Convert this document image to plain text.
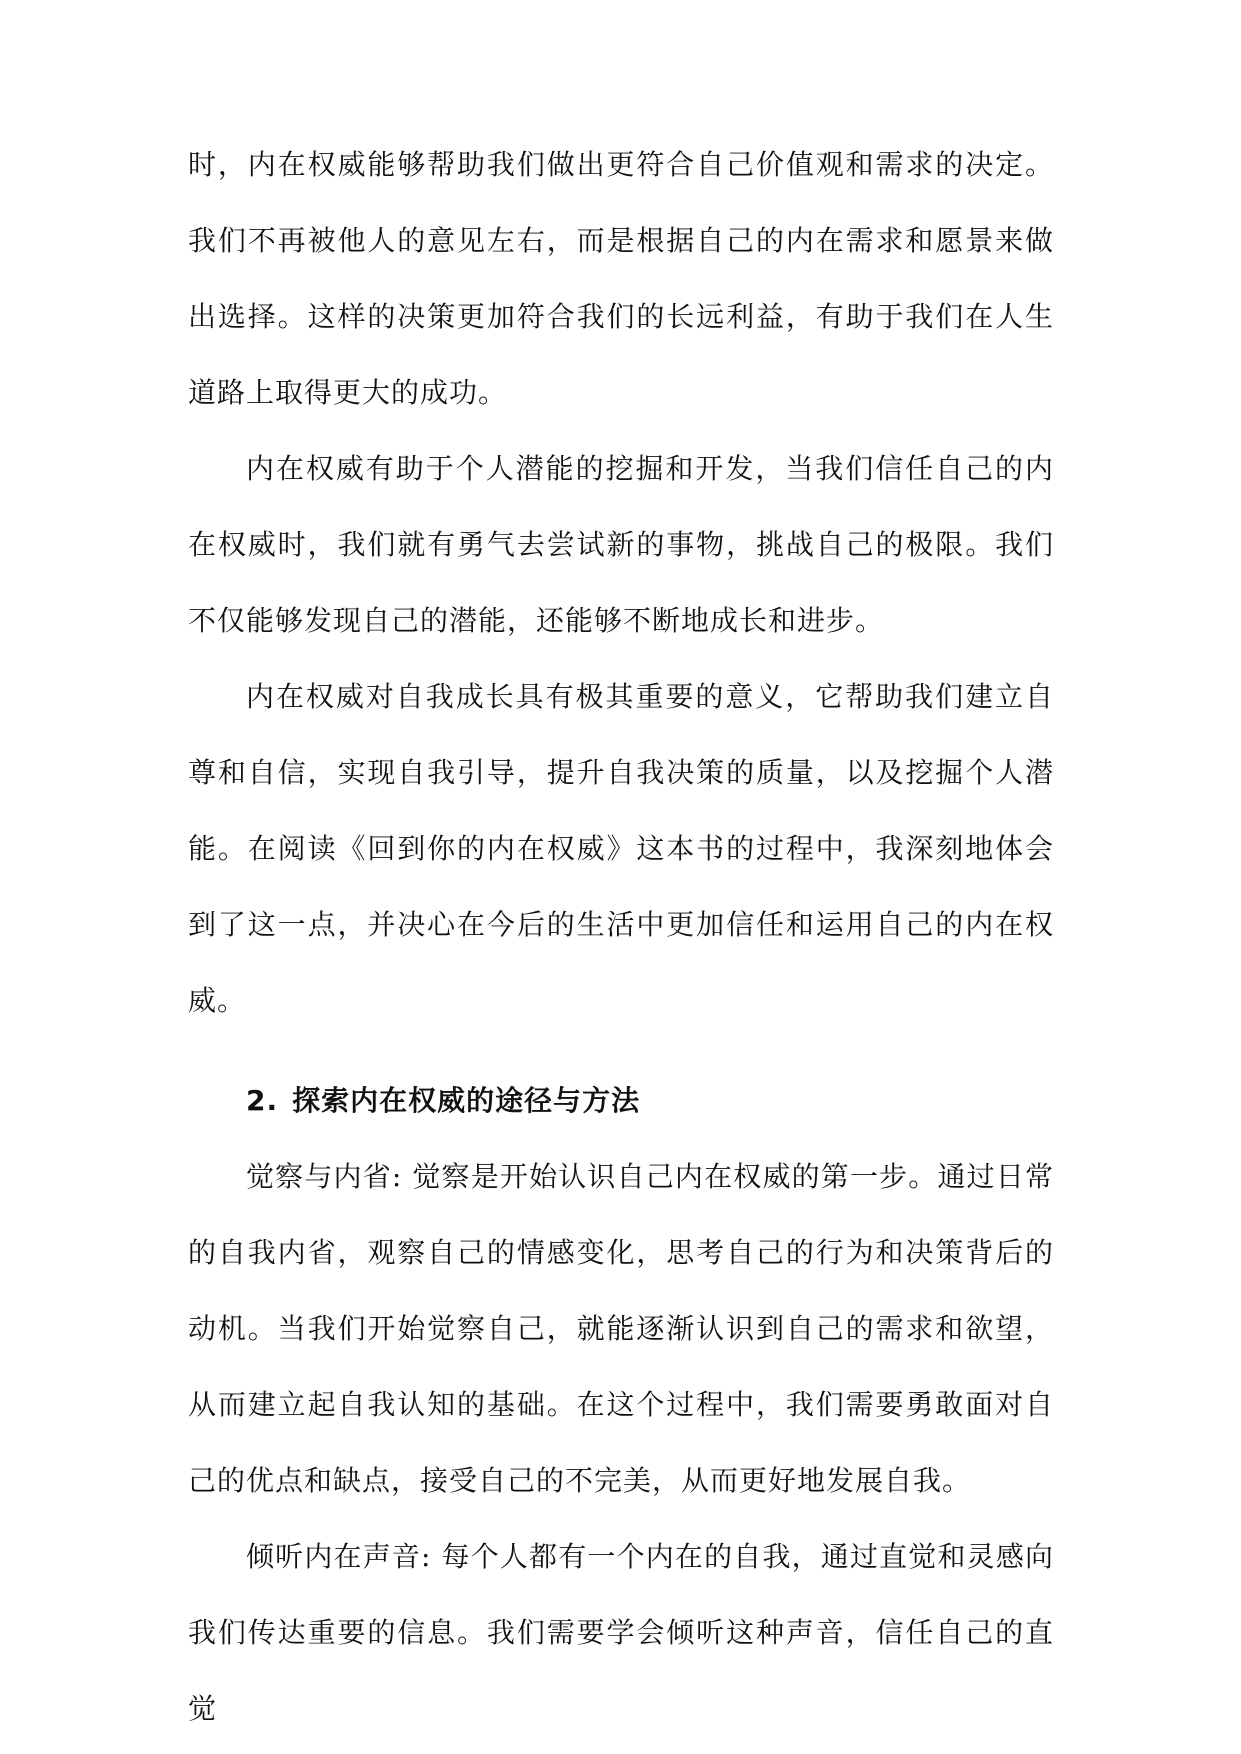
时，内在权威能够帮助我们做出更符合自己价值观和需求的决定。我们不再被他人的意见左右，而是根据自己的内在需求和愿景来做出选择。这样的决策更加符合我们的长远利益，有助于我们在人生道路上取得更大的成功。

内在权威有助于个人潜能的挖掘和开发，当我们信任自己的内在权威时，我们就有勇气去尝试新的事物，挑战自己的极限。我们不仅能够发现自己的潜能，还能够不断地成长和进步。

内在权威对自我成长具有极其重要的意义，它帮助我们建立自尊和自信，实现自我引导，提升自我决策的质量，以及挖掘个人潜能。在阅读《回到你的内在权威》这本书的过程中，我深刻地体会到了这一点，并决心在今后的生活中更加信任和运用自己的内在权威。

2. 探索内在权威的途径与方法

觉察与内省: 觉察是开始认识自己内在权威的第一步。通过日常的自我内省，观察自己的情感变化，思考自己的行为和决策背后的动机。当我们开始觉察自己，就能逐渐认识到自己的需求和欲望，从而建立起自我认知的基础。在这个过程中，我们需要勇敢面对自己的优点和缺点，接受自己的不完美，从而更好地发展自我。

倾听内在声音: 每个人都有一个内在的自我，通过直觉和灵感向我们传达重要的信息。我们需要学会倾听这种声音，信任自己的直觉
